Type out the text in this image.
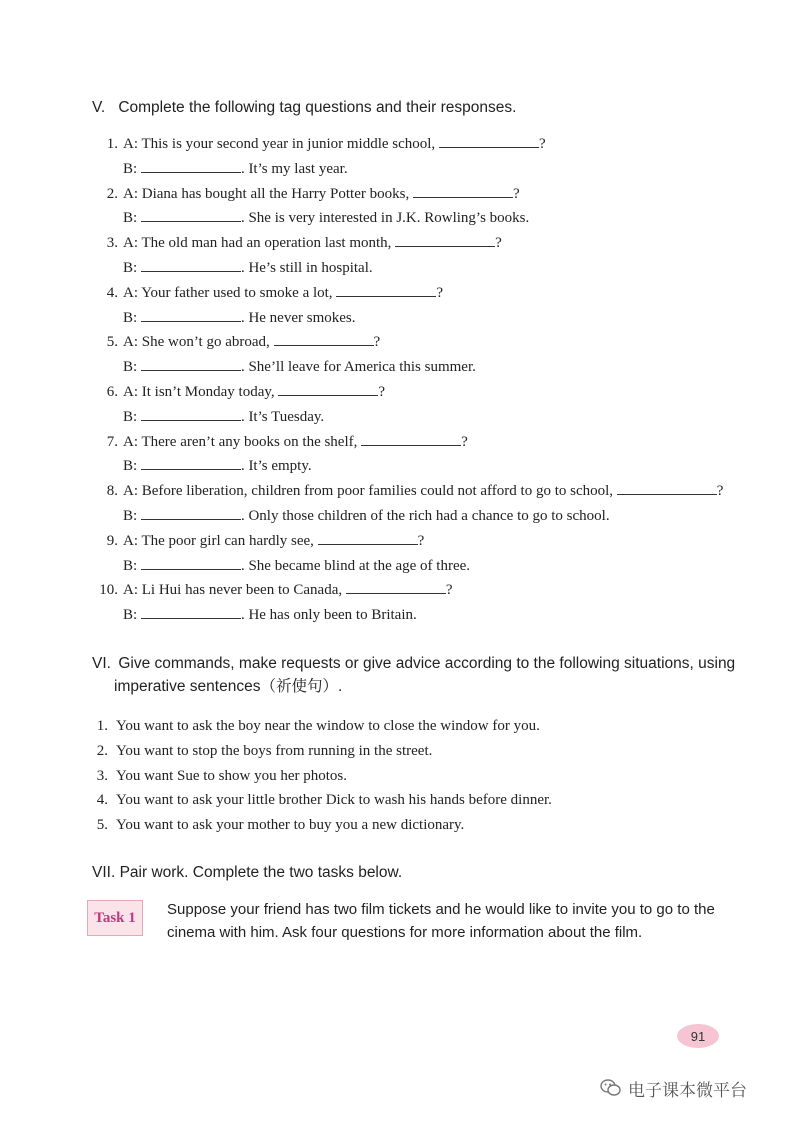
V. Complete the following tag questions and their responses.
1. A: This is your second year in junior middle school,	?
B:	. It’s my last year.
2. A: Diana has bought all the Harry Potter books,	?
B:	. She is very interested in J.K. Rowling’s books.
3. A: The old man had an operation last month,	?
B:	. He’s still in hospital.
4. A: Your father used to smoke a lot,	?
B:	. He never smokes.
5. A: She won’t go abroad,	?
B:	. She’ll leave for America this summer.
6. A: It isn’t Monday today,	?
B:	. It’s Tuesday.
7. A: There aren’t any books on the shelf,	?
B:	. It’s empty.
8. A: Before liberation, children from poor families could not afford to go to school,	?
B:	. Only those children of the rich had a chance to go to school.
9. A: The poor girl can hardly see,	?
B:	. She became blind at the age of three.
10. A: Li Hui has never been to Canada,	?
B:	. He has only been to Britain.
VI. Give commands, make requests or give advice according to the following situations, using
imperative sentences（祈使句）.
1. You want to ask the boy near the window to close the window for you.
2. You want to stop the boys from running in the street.
3. You want Sue to show you her photos.
4. You want to ask your little brother Dick to wash his hands before dinner.
5. You want to ask your mother to buy you a new dictionary.
VII. Pair work. Complete the two tasks below.
Task 1	Suppose your friend has two film tickets and he would like to invite you to go to the cinema with him. Ask four questions for more information about the film.
91
电子课本微平台
